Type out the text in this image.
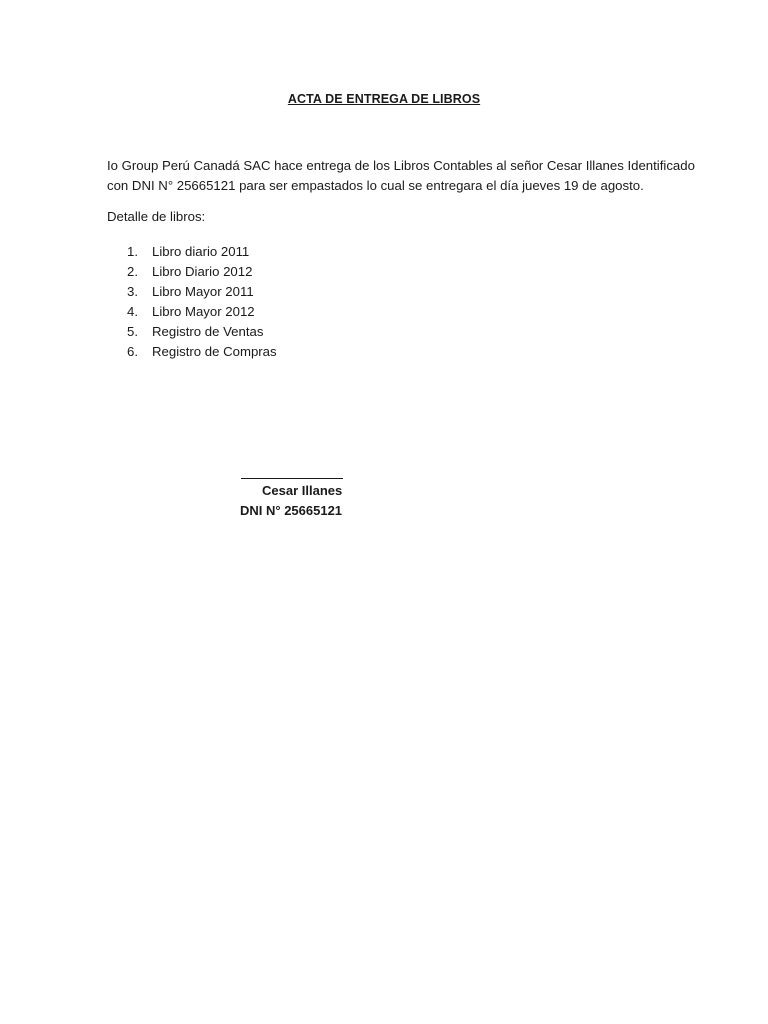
ACTA DE ENTREGA DE LIBROS
Io Group Perú Canadá SAC hace entrega de los Libros Contables al señor Cesar Illanes Identificado
con DNI N° 25665121 para ser empastados lo cual se entregara el día jueves 19 de agosto.
Detalle de libros:
1.	Libro diario 2011
2.	Libro Diario 2012
3.	Libro Mayor 2011
4.	Libro Mayor 2012
5.	Registro de Ventas
6.	Registro de Compras
Cesar Illanes
DNI N° 25665121
